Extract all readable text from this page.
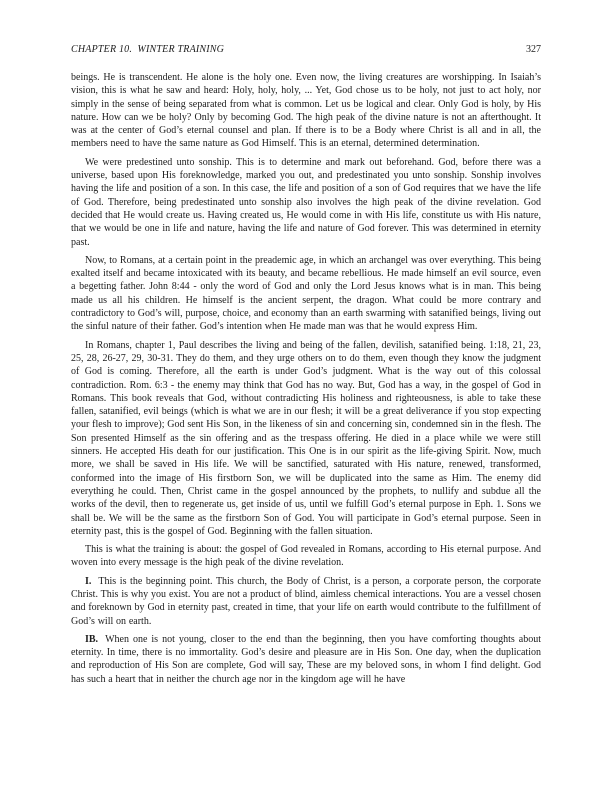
CHAPTER 10.  WINTER TRAINING	327

beings. He is transcendent. He alone is the holy one. Even now, the living creatures are worshipping. In Isaiah’s vision, this is what he saw and heard: Holy, holy, holy, ... Yet, God chose us to be holy, not just to act holy, nor simply in the sense of being separated from what is common. Let us be logical and clear. Only God is holy, by His nature. How can we be holy? Only by becoming God. The high peak of the divine nature is not an afterthought. It was at the center of God’s eternal counsel and plan. If there is to be a Body where Christ is all and in all, the members need to have the same nature as God Himself. This is an eternal, determined determination.

We were predestined unto sonship. This is to determine and mark out beforehand. God, before there was a universe, based upon His foreknowledge, marked you out, and predestinated you unto sonship. Sonship involves having the life and position of a son. In this case, the life and position of a son of God requires that we have the life of God. Therefore, being predestinated unto sonship also involves the high peak of the divine revelation. God decided that He would create us. Having created us, He would come in with His life, constitute us with His nature, that we would be one in life and nature, having the life and nature of God forever. This was determined in eternity past.

Now, to Romans, at a certain point in the preademic age, in which an archangel was over everything. This being exalted itself and became intoxicated with its beauty, and became rebellious. He made himself an evil source, even a begetting father. John 8:44 - only the word of God and only the Lord Jesus knows what is in man. This being made us all his children. He himself is the ancient serpent, the dragon. What could be more contrary and contradictory to God’s will, purpose, choice, and economy than an earth swarming with satanified beings, living out the sinful nature of their father. God’s intention when He made man was that he would express Him.

In Romans, chapter 1, Paul describes the living and being of the fallen, devilish, satanified being. 1:18, 21, 23, 25, 28, 26-27, 29, 30-31. They do them, and they urge others on to do them, even though they know the judgment of God is coming. Therefore, all the earth is under God’s judgment. What is the way out of this colossal contradiction. Rom. 6:3 - the enemy may think that God has no way. But, God has a way, in the gospel of God in Romans. This book reveals that God, without contradicting His holiness and righteousness, is able to take these fallen, satanified, evil beings (which is what we are in our flesh; it will be a great deliverance if you stop expecting your flesh to improve); God sent His Son, in the likeness of sin and concerning sin, condemned sin in the flesh. The Son presented Himself as the sin offering and as the trespass offering. He died in a place while we were still sinners. He accepted His death for our justification. This One is in our spirit as the life-giving Spirit. Now, much more, we shall be saved in His life. We will be sanctified, saturated with His nature, renewed, transformed, conformed into the image of His firstborn Son, we will be duplicated into the same as Him. The enemy did everything he could. Then, Christ came in the gospel announced by the prophets, to nullify and subdue all the works of the devil, then to regenerate us, get inside of us, until we fulfill God’s eternal purpose in Eph. 1. Sons we shall be. We will be the same as the firstborn Son of God. You will participate in God’s eternal purpose. Seen in eternity past, this is the gospel of God. Beginning with the fallen situation.

This is what the training is about: the gospel of God revealed in Romans, according to His eternal purpose. And woven into every message is the high peak of the divine revelation.

I. This is the beginning point. This church, the Body of Christ, is a person, a corporate person, the corporate Christ. This is why you exist. You are not a product of blind, aimless chemical interactions. You are a vessel chosen and foreknown by God in eternity past, created in time, that your life on earth would contribute to the fulfillment of God’s will on earth.

IB. When one is not young, closer to the end than the beginning, then you have comforting thoughts about eternity. In time, there is no immortality. God’s desire and pleasure are in His Son. One day, when the duplication and reproduction of His Son are complete, God will say, These are my beloved sons, in whom I find delight. God has such a heart that in neither the church age nor in the kingdom age will he have
